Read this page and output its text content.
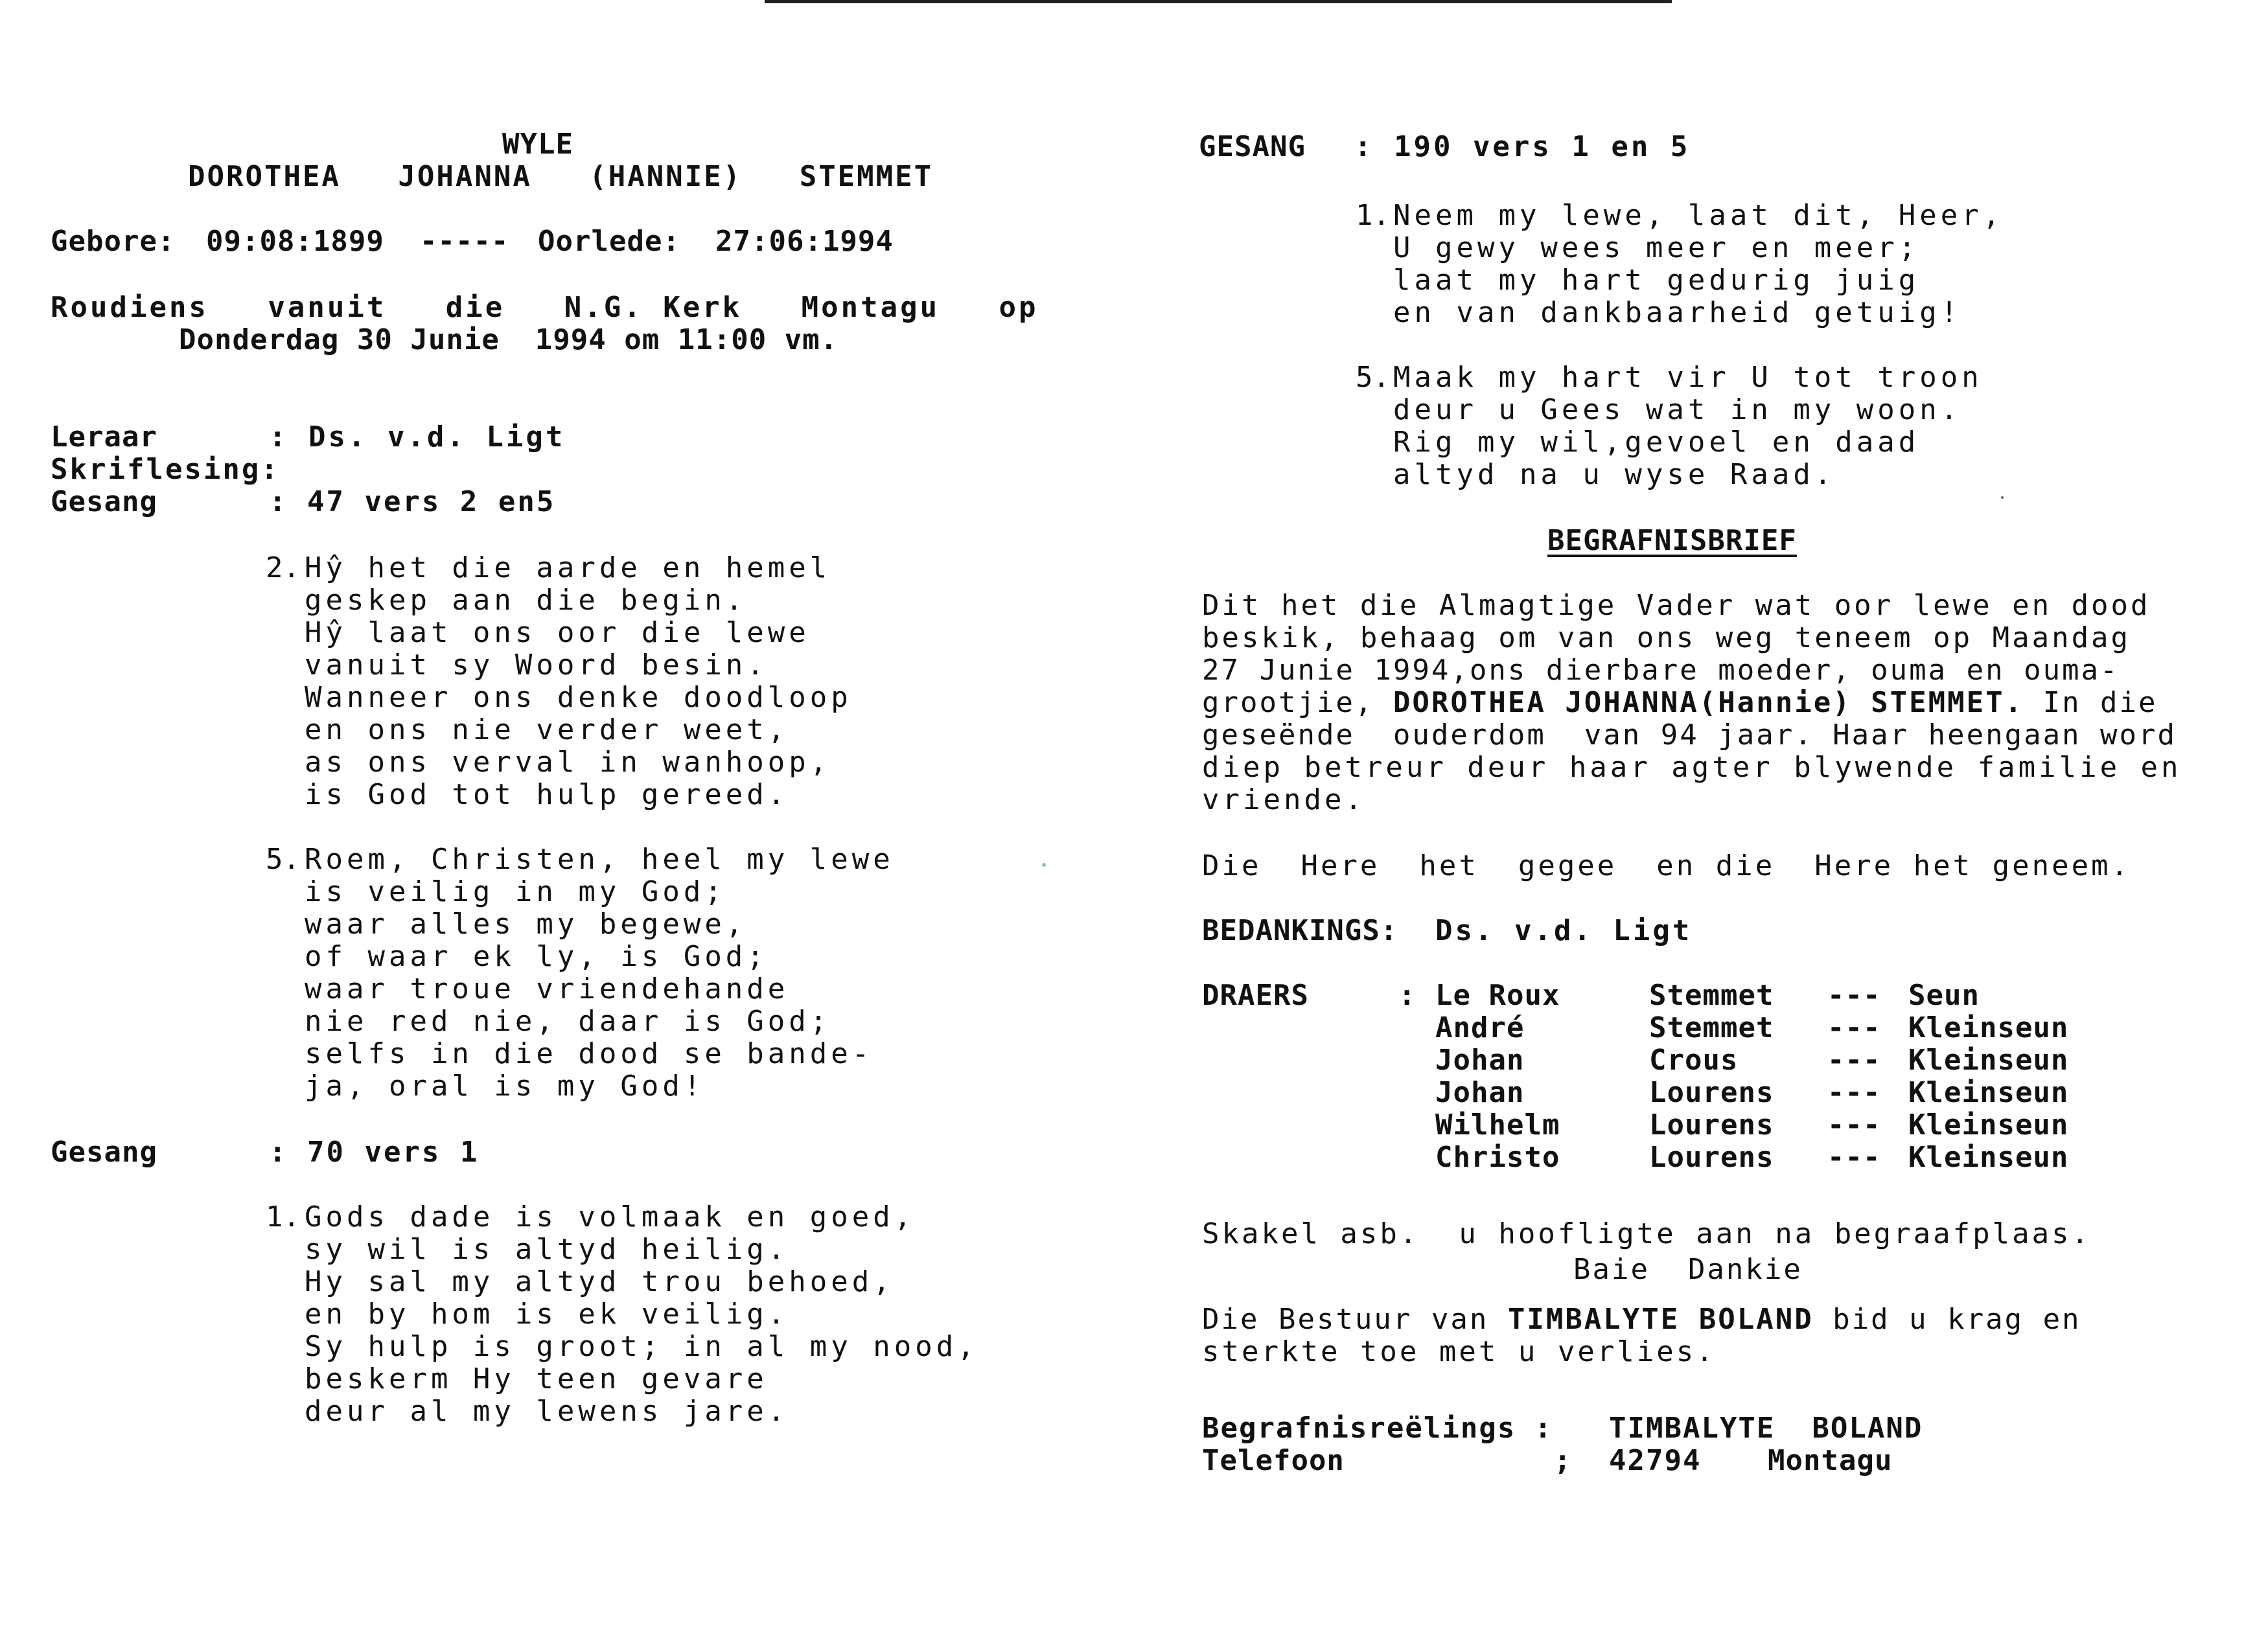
WYLE
DOROTHEA   JOHANNA   (HANNIE)   STEMMET
Gebore: 09:08:1899 ----- Oorlede: 27:06:1994
Roudiens   vanuit   die   N.G. Kerk   Montagu   op
Donderdag 30 Junie  1994 om 11:00 vm.
Leraar	: Ds. v.d. Ligt
Skriflesing:
Gesang	: 47 vers 2 en5
2. Hŷ het die aarde en hemel
geskep aan die begin.
Hŷ laat ons oor die lewe
vanuit sy Woord besin.
Wanneer ons denke doodloop
en ons nie verder weet,
as ons verval in wanhoop,
is God tot hulp gereed.
5. Roem, Christen, heel my lewe
is veilig in my God;
waar alles my begewe,
of waar ek ly, is God;
waar troue vriendehande
nie red nie, daar is God;
selfs in die dood se bande-
ja, oral is my God!
Gesang	: 70 vers 1
1. Gods dade is volmaak en goed,
sy wil is altyd heilig.
Hy sal my altyd trou behoed,
en by hom is ek veilig.
Sy hulp is groot; in al my nood,
beskerm Hy teen gevare
deur al my lewens jare.
GESANG : 190 vers 1 en 5
1. Neem my lewe, laat dit, Heer,
U gewy wees meer en meer;
laat my hart gedurig juig
en van dankbaarheid getuig!
5. Maak my hart vir U tot troon
deur u Gees wat in my woon.
Rig my wil,gevoel en daad
altyd na u wyse Raad.
BEGRAFNISBRIEF
Dit het die Almagtige Vader wat oor lewe en dood
beskik, behaag om van ons weg teneem op Maandag
27 Junie 1994,ons dierbare moeder, ouma en ouma-
grootjie, DOROTHEA JOHANNA(Hannie) STEMMET. In die
geseënde  ouderdom  van 94 jaar. Haar heengaan word
diep betreur deur haar agter blywende familie en
vriende.
Die  Here  het  gegee  en die  Here het geneem.
BEDANKINGS: Ds. v.d. Ligt
DRAERS	: Le Roux	Stemmet --- Seun
André	Stemmet --- Kleinseun
Johan	Crous	--- Kleinseun
Johan	Lourens --- Kleinseun
Wilhelm	Lourens --- Kleinseun
Christo	Lourens --- Kleinseun
Skakel asb.  u hoofligte aan na begraafplaas.
Baie  Dankie
Die Bestuur van TIMBALYTE BOLAND bid u krag en
sterkte toe met u verlies.
Begrafnisreëlings : TIMBALYTE  BOLAND
Telefoon	; 42794 Montagu
